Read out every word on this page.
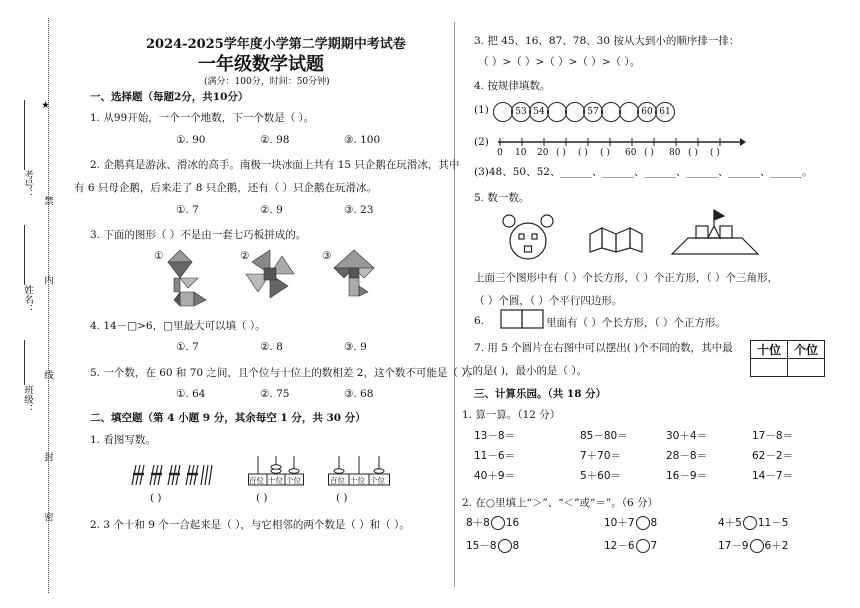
考号：
姓名：
班级：
★
禁
内
线
封
密
2024-2025学年度小学第二学期期中考试卷
一年级数学试题
(满分：100分，时间：50分钟)
一、选择题（每题2分，共10分）
1. 从99开始，一个一个地数，下一个数是（ ）。
①. 90	②. 98	③. 100
2. 企鹅真是游泳、滑冰的高手。南极一块冰面上共有 15 只企鹅在玩滑冰，其中
有 6 只母企鹅，后来走了 8 只企鹅，还有（ ）只企鹅在玩滑冰。
①. 7	②. 9	③. 23
3. 下面的图形（ ）不是由一套七巧板拼成的。
①	②	③
4. 14－□>6，□里最大可以填（ ）。
①. 7	②. 8	③. 9
5. 一个数，在 60 和 70 之间，且个位与十位上的数相差 2，这个数不可能是（ ）。
①. 64	②. 75	③. 68
二、填空题（第 4 小题 9 分，其余每空 1 分，共 30 分）
1. 看图写数。
百位 十位 个位	百位 十位 个位
( )	( )	( )
2. 3 个十和 9 个一合起来是（ ），与它相邻的两个数是（ ）和（ ）。
3. 把 45、16、87、78、30 按从大到小的顺序排一排：
（ ）>（ ）>（ ）>（ ）>（ ）。
4. 按规律填数。
(1)	53 54	57	60 61
(2)
0 10 20 ( ) ( ) ( ) 60 ( ) 80 ( ) ( )
(3)48、50、52、______、______、______、______、______、______。
5. 数一数。
上面三个图形中有（ ）个长方形，（ ）个正方形，（ ）个三角形，
（ ）个圆，（ ）个平行四边形。
6.	里面有（ ）个长方形，（ ）个正方形。
7. 用 5 个圆片在右图中可以摆出( )个不同的数，其中最
大的是( )，最小的是（ ）。
十位	个位

三、计算乐园。（共 18 分）
1. 算一算。（12 分）
13－8＝	85－80＝	30＋4＝	17－8＝
11－6＝	7＋70＝	28－8＝	62－2＝
40＋9＝	5＋60＝	16－9＝	14－7＝
2. 在○里填上“＞”、“＜”或“＝”。（6 分）
8＋8 16	10＋7 8	4＋5 11－5
15－8 8	12－6 7	17－9 6＋2
